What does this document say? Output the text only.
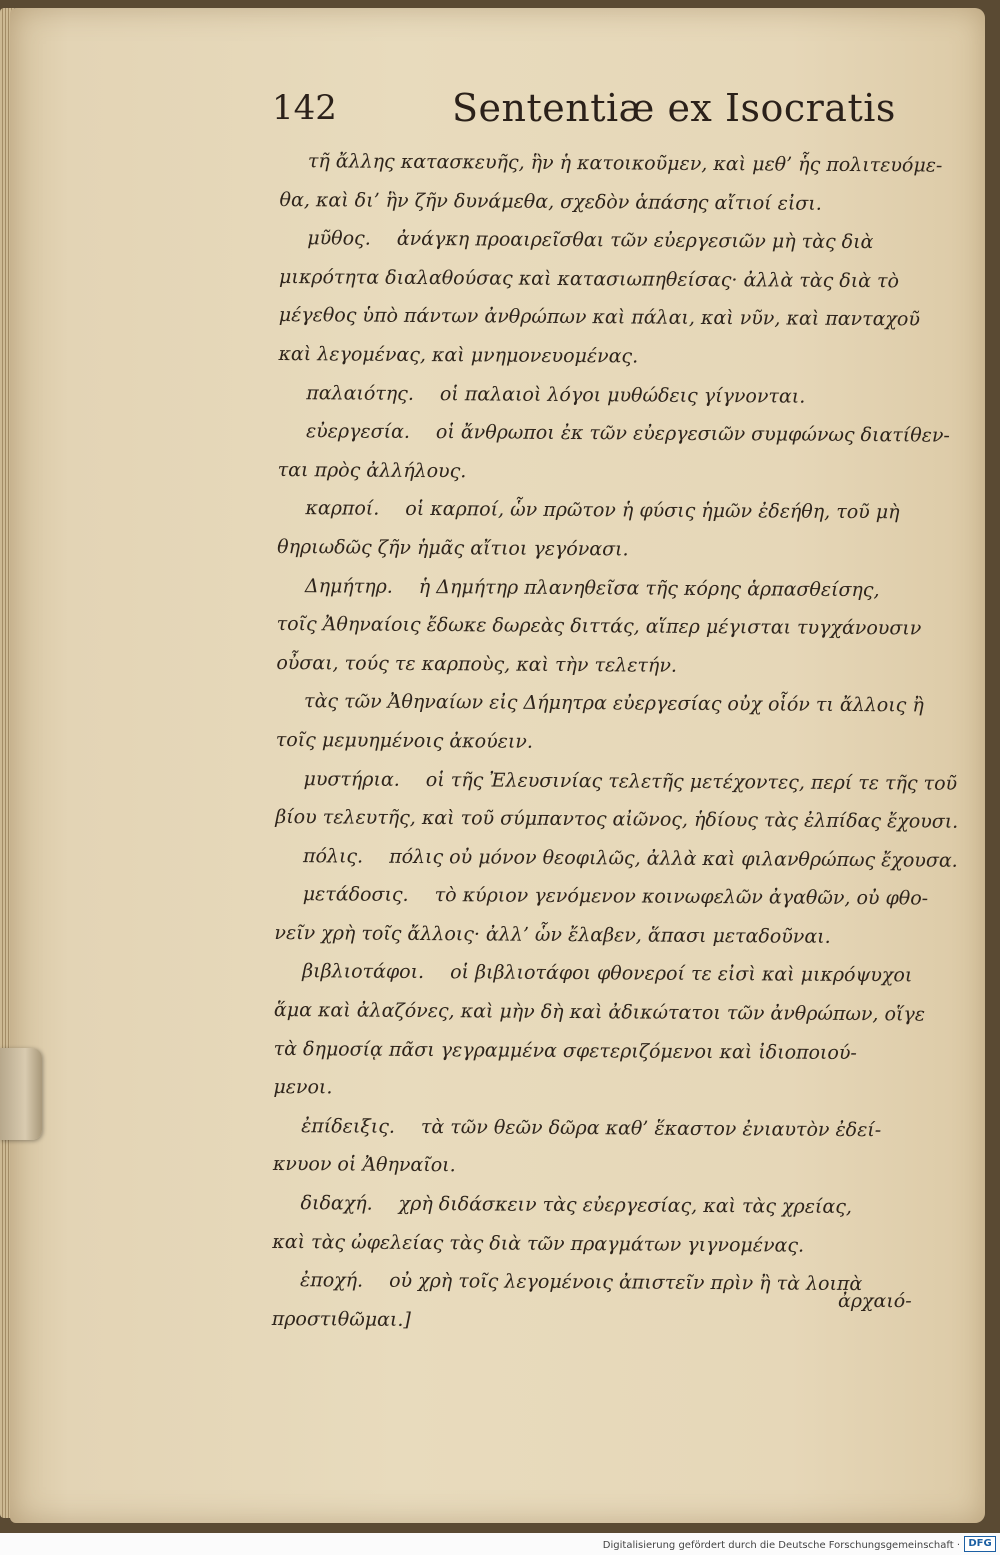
142	Sententiæ ex Isocratis

τῆ ἄλλης κατασκευῆς, ἣν ἡ κατοικοῦμεν, καὶ μεθ’ ἧς πολιτευόμε-
θα, καὶ δι’ ἣν ζῆν δυνάμεθα, σχεδὸν ἁπάσης αἴτιοί εἰσι.

μῦθος. ἀνάγκη προαιρεῖσθαι τῶν εὐεργεσιῶν μὴ τὰς διὰ
μικρότητα διαλαθούσας καὶ κατασιωπηθείσας· ἀλλὰ τὰς διὰ τὸ
μέγεθος ὑπὸ πάντων ἀνθρώπων καὶ πάλαι, καὶ νῦν, καὶ πανταχοῦ
καὶ λεγομένας, καὶ μνημονευομένας.

παλαιότης. οἱ παλαιοὶ λόγοι μυθώδεις γίγνονται.

εὐεργεσία. οἱ ἄνθρωποι ἐκ τῶν εὐεργεσιῶν συμφώνως διατίθεν-
ται πρὸς ἀλλήλους.

καρποί. οἱ καρποί, ὧν πρῶτον ἡ φύσις ἡμῶν ἐδεήθη, τοῦ μὴ
θηριωδῶς ζῆν ἡμᾶς αἴτιοι γεγόνασι.

Δημήτηρ. ἡ Δημήτηρ πλανηθεῖσα τῆς κόρης ἁρπασθείσης,
τοῖς Ἀθηναίοις ἔδωκε δωρεὰς διττάς, αἵπερ μέγισται τυγχάνουσιν
οὖσαι, τούς τε καρποὺς, καὶ τὴν τελετήν.

τὰς τῶν Ἀθηναίων εἰς Δήμητρα εὐεργεσίας οὐχ οἷόν τι ἄλλοις ἢ
τοῖς μεμυημένοις ἀκούειν.

μυστήρια. οἱ τῆς Ἐλευσινίας τελετῆς μετέχοντες, περί τε τῆς τοῦ
βίου τελευτῆς, καὶ τοῦ σύμπαντος αἰῶνος, ἡδίους τὰς ἐλπίδας ἔχουσι.

πόλις. πόλις οὐ μόνον θεοφιλῶς, ἀλλὰ καὶ φιλανθρώπως ἔχουσα.

μετάδοσις. τὸ κύριον γενόμενον κοινωφελῶν ἀγαθῶν, οὐ φθο-
νεῖν χρὴ τοῖς ἄλλοις· ἀλλ’ ὧν ἔλαβεν, ἅπασι μεταδοῦναι.

βιβλιοτάφοι. οἱ βιβλιοτάφοι φθονεροί τε εἰσὶ καὶ μικρόψυχοι
ἅμα καὶ ἀλαζόνες, καὶ μὴν δὴ καὶ ἀδικώτατοι τῶν ἀνθρώπων, οἵγε
τὰ δημοσίᾳ πᾶσι γεγραμμένα σφετεριζόμενοι καὶ ἰδιοποιού-
μενοι.

ἐπίδειξις. τὰ τῶν θεῶν δῶρα καθ’ ἕκαστον ἐνιαυτὸν ἐδεί-
κνυον οἱ Ἀθηναῖοι.

διδαχή. χρὴ διδάσκειν τὰς εὐεργεσίας, καὶ τὰς χρείας,
καὶ τὰς ὠφελείας τὰς διὰ τῶν πραγμάτων γιγνομένας.

ἐποχή. οὐ χρὴ τοῖς λεγομένοις ἀπιστεῖν πρὶν ἢ τὰ λοιπὰ
προστιθῶμαι.]

ἀρχαιό-
Digitalisierung gefördert durch die Deutsche Forschungsgemeinschaft · DFG
